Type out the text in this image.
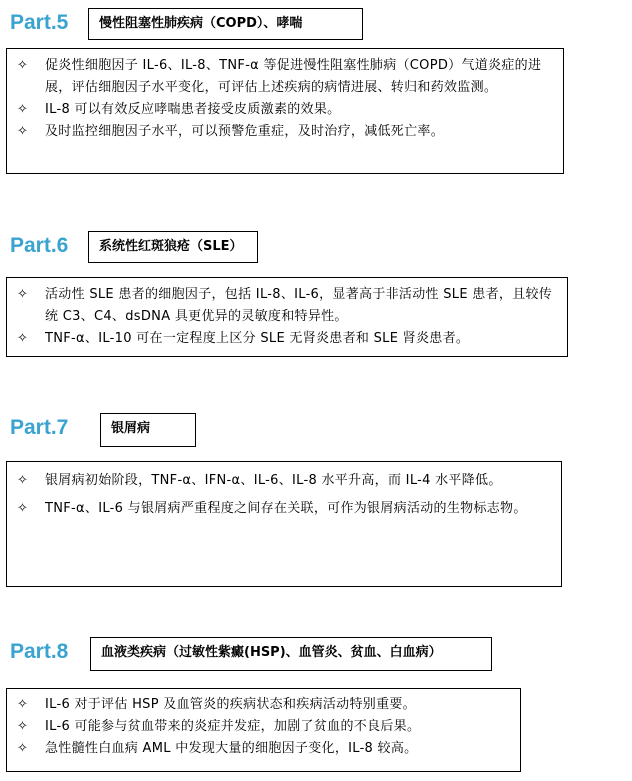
Part.5	慢性阻塞性肺疾病（COPD）、哮喘
✧	促炎性细胞因子 IL-6、IL-8、TNF-α 等促进慢性阻塞性肺病（COPD）气道炎症的进展，评估细胞因子水平变化，可评估上述疾病的病情进展、转归和药效监测。
✧	IL-8 可以有效反应哮喘患者接受皮质激素的效果。
✧	及时监控细胞因子水平，可以预警危重症，及时治疗，减低死亡率。
Part.6	系统性红斑狼疮（SLE）
✧	活动性 SLE 患者的细胞因子，包括 IL-8、IL-6，显著高于非活动性 SLE 患者，且较传统 C3、C4、dsDNA 具更优异的灵敏度和特异性。
✧	TNF-α、IL-10 可在一定程度上区分 SLE 无肾炎患者和 SLE 肾炎患者。
Part.7	银屑病
✧	银屑病初始阶段，TNF-α、IFN-α、IL-6、IL-8 水平升高，而 IL-4 水平降低。
✧	TNF-α、IL-6 与银屑病严重程度之间存在关联，可作为银屑病活动的生物标志物。
Part.8	血液类疾病（过敏性紫癜(HSP)、血管炎、贫血、白血病）
✧	IL-6 对于评估 HSP 及血管炎的疾病状态和疾病活动特别重要。
✧	IL-6 可能参与贫血带来的炎症并发症，加剧了贫血的不良后果。
✧	急性髓性白血病 AML 中发现大量的细胞因子变化，IL-8 较高。
